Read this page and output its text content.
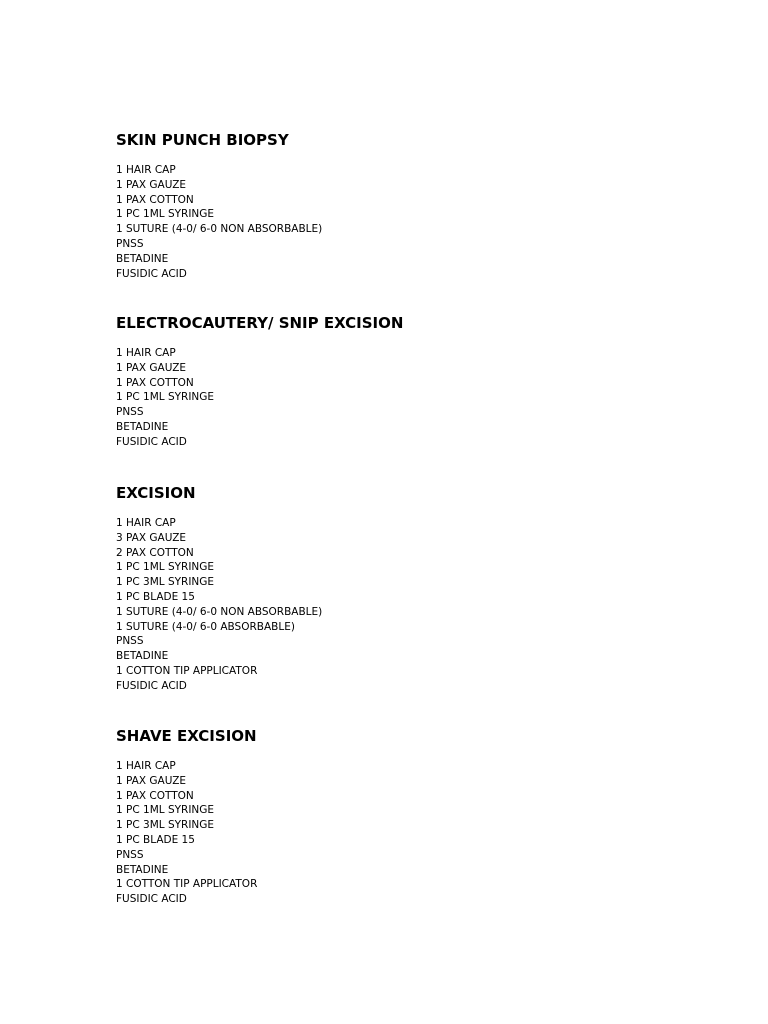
SKIN PUNCH BIOPSY
1 HAIR CAP
1 PAX GAUZE
1 PAX COTTON
1 PC 1ML SYRINGE
1 SUTURE (4-0/ 6-0 NON ABSORBABLE)
PNSS
BETADINE
FUSIDIC ACID
ELECTROCAUTERY/ SNIP EXCISION
1 HAIR CAP
1 PAX GAUZE
1 PAX COTTON
1 PC 1ML SYRINGE
PNSS
BETADINE
FUSIDIC ACID
EXCISION
1 HAIR CAP
3 PAX GAUZE
2 PAX COTTON
1 PC 1ML SYRINGE
1 PC 3ML SYRINGE
1 PC BLADE 15
1 SUTURE (4-0/ 6-0 NON ABSORBABLE)
1 SUTURE (4-0/ 6-0 ABSORBABLE)
PNSS
BETADINE
1 COTTON TIP APPLICATOR
FUSIDIC ACID
SHAVE EXCISION
1 HAIR CAP
1 PAX GAUZE
1 PAX COTTON
1 PC 1ML SYRINGE
1 PC 3ML SYRINGE
1 PC BLADE 15
PNSS
BETADINE
1 COTTON TIP APPLICATOR
FUSIDIC ACID
